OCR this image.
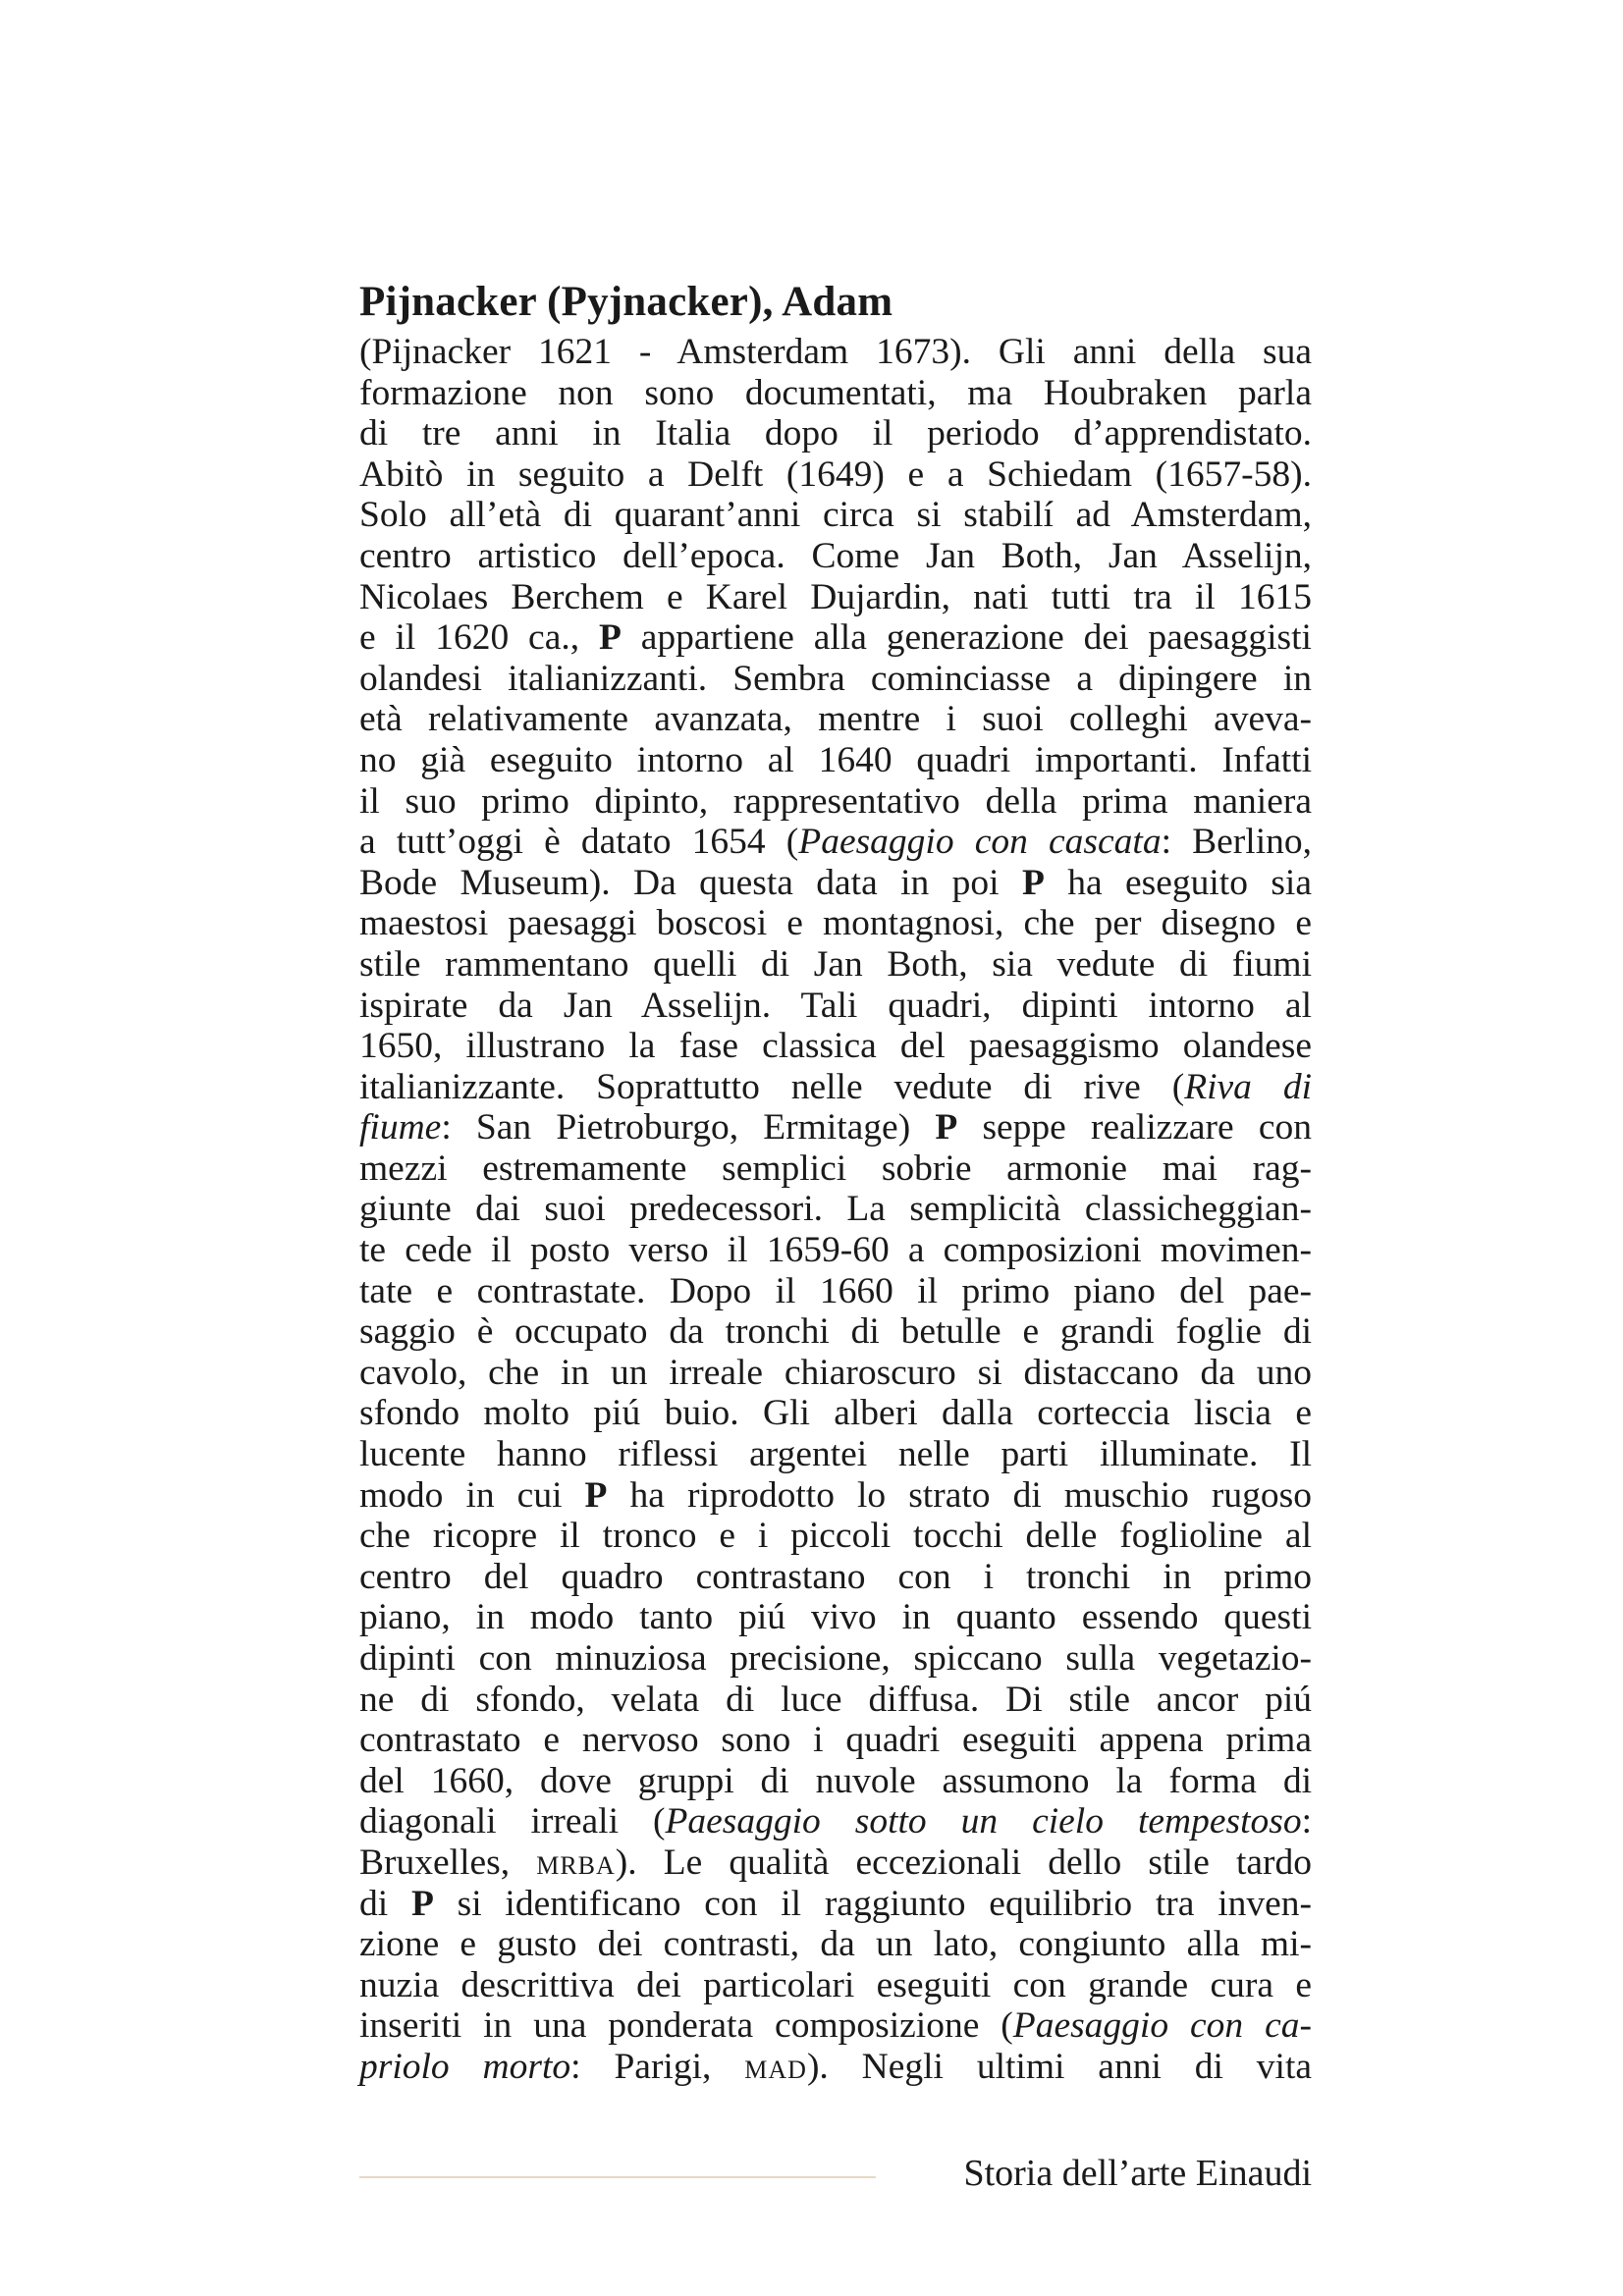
Pijnacker (Pyjnacker), Adam
(Pijnacker 1621 - Amsterdam 1673). Gli anni della sua
formazione non sono documentati, ma Houbraken parla
di tre anni in Italia dopo il periodo d’apprendistato.
Abitò in seguito a Delft (1649) e a Schiedam (1657-58).
Solo all’età di quarant’anni circa si stabilí ad Amsterdam,
centro artistico dell’epoca. Come Jan Both, Jan Asselijn,
Nicolaes Berchem e Karel Dujardin, nati tutti tra il 1615
e il 1620 ca., P appartiene alla generazione dei paesaggisti
olandesi italianizzanti. Sembra cominciasse a dipingere in
età relativamente avanzata, mentre i suoi colleghi aveva-
no già eseguito intorno al 1640 quadri importanti. Infatti
il suo primo dipinto, rappresentativo della prima maniera
a tutt’oggi è datato 1654 (Paesaggio con cascata: Berlino,
Bode Museum). Da questa data in poi P ha eseguito sia
maestosi paesaggi boscosi e montagnosi, che per disegno e
stile rammentano quelli di Jan Both, sia vedute di fiumi
ispirate da Jan Asselijn. Tali quadri, dipinti intorno al
1650, illustrano la fase classica del paesaggismo olandese
italianizzante. Soprattutto nelle vedute di rive (Riva di
fiume: San Pietroburgo, Ermitage) P seppe realizzare con
mezzi estremamente semplici sobrie armonie mai rag-
giunte dai suoi predecessori. La semplicità classicheggian-
te cede il posto verso il 1659-60 a composizioni movimen-
tate e contrastate. Dopo il 1660 il primo piano del pae-
saggio è occupato da tronchi di betulle e grandi foglie di
cavolo, che in un irreale chiaroscuro si distaccano da uno
sfondo molto piú buio. Gli alberi dalla corteccia liscia e
lucente hanno riflessi argentei nelle parti illuminate. Il
modo in cui P ha riprodotto lo strato di muschio rugoso
che ricopre il tronco e i piccoli tocchi delle foglioline al
centro del quadro contrastano con i tronchi in primo
piano, in modo tanto piú vivo in quanto essendo questi
dipinti con minuziosa precisione, spiccano sulla vegetazio-
ne di sfondo, velata di luce diffusa. Di stile ancor piú
contrastato e nervoso sono i quadri eseguiti appena prima
del 1660, dove gruppi di nuvole assumono la forma di
diagonali irreali (Paesaggio sotto un cielo tempestoso:
Bruxelles, mrba). Le qualità eccezionali dello stile tardo
di P si identificano con il raggiunto equilibrio tra inven-
zione e gusto dei contrasti, da un lato, congiunto alla mi-
nuzia descrittiva dei particolari eseguiti con grande cura e
inseriti in una ponderata composizione (Paesaggio con ca-
priolo morto: Parigi, mad). Negli ultimi anni di vita
Storia dell’arte Einaudi
